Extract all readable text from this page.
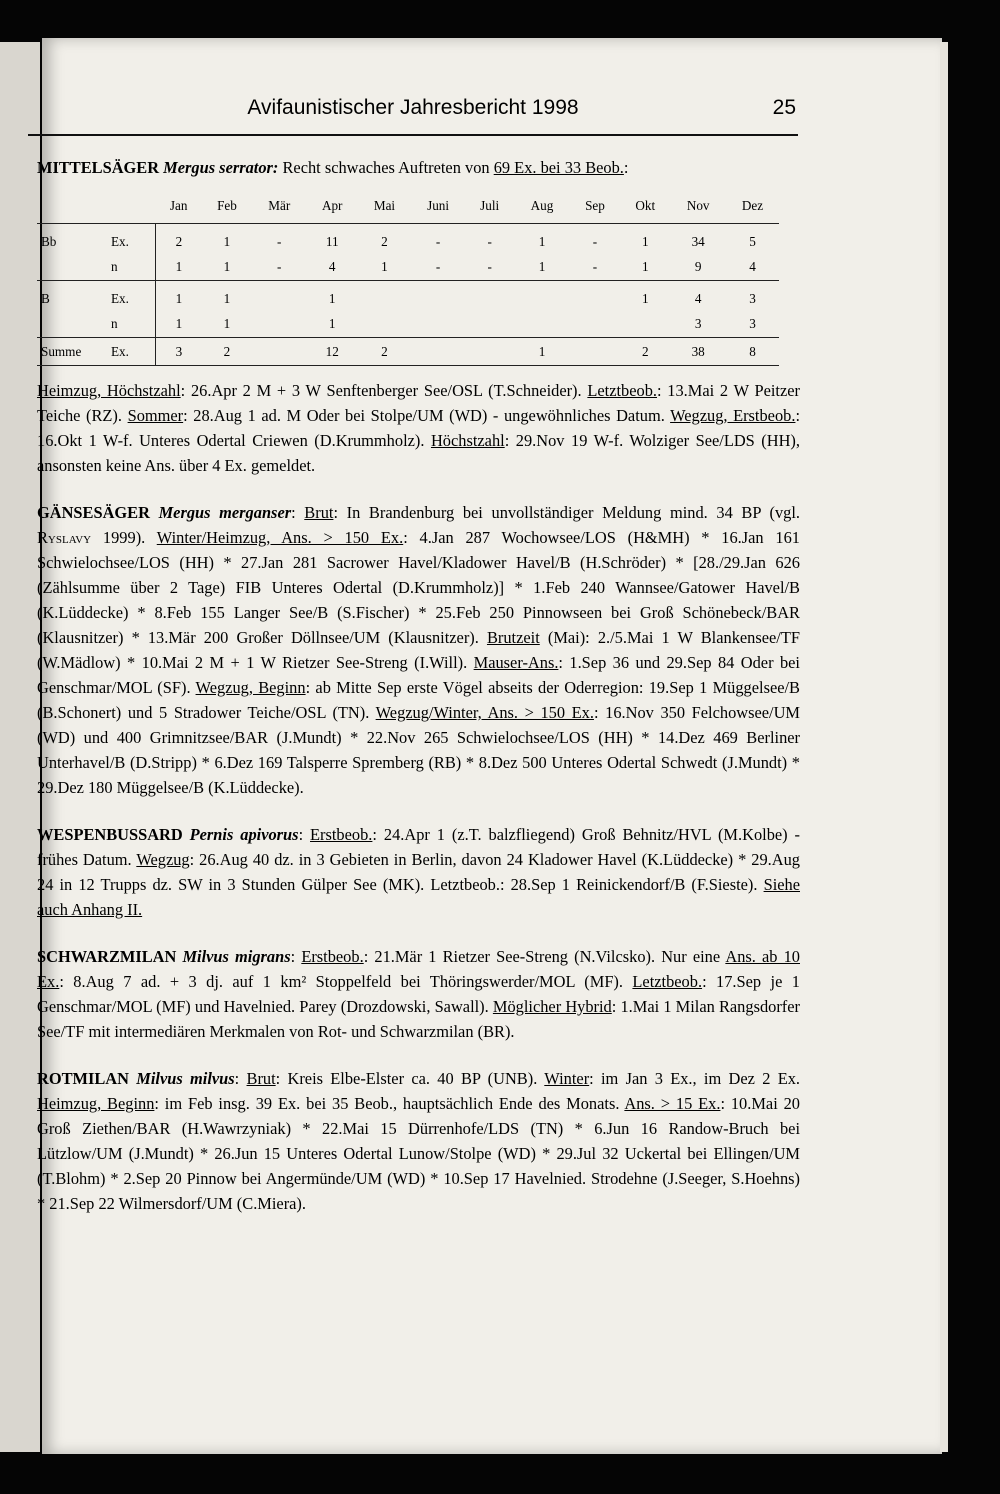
Avifaunistischer Jahresbericht 1998	25

MITTELSÄGER Mergus serrator: Recht schwaches Auftreten von 69 Ex. bei 33 Beob.:

		Jan	Feb	Mär	Apr	Mai	Juni	Juli	Aug	Sep	Okt	Nov	Dez
Bb	Ex.	2	1	-	11	2	-	-	1	-	1	34	5
	n	1	1	-	4	1	-	-	1	-	1	9	4
B	Ex.	1	1		1						1	4	3
	n	1	1		1							3	3
Summe	Ex.	3	2		12	2			1		2	38	8

Heimzug, Höchstzahl: 26.Apr 2 M + 3 W Senftenberger See/OSL (T.Schneider). Letztbeob.: 13.Mai 2 W Peitzer Teiche (RZ). Sommer: 28.Aug 1 ad. M Oder bei Stolpe/UM (WD) - ungewöhnliches Datum. Wegzug, Erstbeob.: 16.Okt 1 W-f. Unteres Odertal Criewen (D.Krummholz). Höchstzahl: 29.Nov 19 W-f. Wolziger See/LDS (HH), ansonsten keine Ans. über 4 Ex. gemeldet.

GÄNSESÄGER Mergus merganser: Brut: In Brandenburg bei unvollständiger Meldung mind. 34 BP (vgl. Ryslavy 1999). Winter/Heimzug, Ans. > 150 Ex.: 4.Jan 287 Wochowsee/LOS (H&MH) * 16.Jan 161 Schwielochsee/LOS (HH) * 27.Jan 281 Sacrower Havel/Kladower Havel/B (H.Schröder) * [28./29.Jan 626 (Zählsumme über 2 Tage) FIB Unteres Odertal (D.Krummholz)] * 1.Feb 240 Wannsee/Gatower Havel/B (K.Lüddecke) * 8.Feb 155 Langer See/B (S.Fischer) * 25.Feb 250 Pinnowseen bei Groß Schönebeck/BAR (Klausnitzer) * 13.Mär 200 Großer Döllnsee/UM (Klausnitzer). Brutzeit (Mai): 2./5.Mai 1 W Blankensee/TF (W.Mädlow) * 10.Mai 2 M + 1 W Rietzer See-Streng (I.Will). Mauser-Ans.: 1.Sep 36 und 29.Sep 84 Oder bei Genschmar/MOL (SF). Wegzug, Beginn: ab Mitte Sep erste Vögel abseits der Oderregion: 19.Sep 1 Müggelsee/B (B.Schonert) und 5 Stradower Teiche/OSL (TN). Wegzug/Winter, Ans. > 150 Ex.: 16.Nov 350 Felchowsee/UM (WD) und 400 Grimnitzsee/BAR (J.Mundt) * 22.Nov 265 Schwielochsee/LOS (HH) * 14.Dez 469 Berliner Unterhavel/B (D.Stripp) * 6.Dez 169 Talsperre Spremberg (RB) * 8.Dez 500 Unteres Odertal Schwedt (J.Mundt) * 29.Dez 180 Müggelsee/B (K.Lüddecke).

WESPENBUSSARD Pernis apivorus: Erstbeob.: 24.Apr 1 (z.T. balzfliegend) Groß Behnitz/HVL (M.Kolbe) - frühes Datum. Wegzug: 26.Aug 40 dz. in 3 Gebieten in Berlin, davon 24 Kladower Havel (K.Lüddecke) * 29.Aug 24 in 12 Trupps dz. SW in 3 Stunden Gülper See (MK). Letztbeob.: 28.Sep 1 Reinickendorf/B (F.Sieste). Siehe auch Anhang II.

SCHWARZMILAN Milvus migrans: Erstbeob.: 21.Mär 1 Rietzer See-Streng (N.Vilcsko). Nur eine Ans. ab 10 Ex.: 8.Aug 7 ad. + 3 dj. auf 1 km² Stoppelfeld bei Thöringswerder/MOL (MF). Letztbeob.: 17.Sep je 1 Genschmar/MOL (MF) und Havelnied. Parey (Drozdowski, Sawall). Möglicher Hybrid: 1.Mai 1 Milan Rangsdorfer See/TF mit intermediären Merkmalen von Rot- und Schwarzmilan (BR).

ROTMILAN Milvus milvus: Brut: Kreis Elbe-Elster ca. 40 BP (UNB). Winter: im Jan 3 Ex., im Dez 2 Ex. Heimzug, Beginn: im Feb insg. 39 Ex. bei 35 Beob., hauptsächlich Ende des Monats. Ans. > 15 Ex.: 10.Mai 20 Groß Ziethen/BAR (H.Wawrzyniak) * 22.Mai 15 Dürrenhofe/LDS (TN) * 6.Jun 16 Randow-Bruch bei Lützlow/UM (J.Mundt) * 26.Jun 15 Unteres Odertal Lunow/Stolpe (WD) * 29.Jul 32 Uckertal bei Ellingen/UM (T.Blohm) * 2.Sep 20 Pinnow bei Angermünde/UM (WD) * 10.Sep 17 Havelnied. Strodehne (J.Seeger, S.Hoehns) * 21.Sep 22 Wilmersdorf/UM (C.Miera).
